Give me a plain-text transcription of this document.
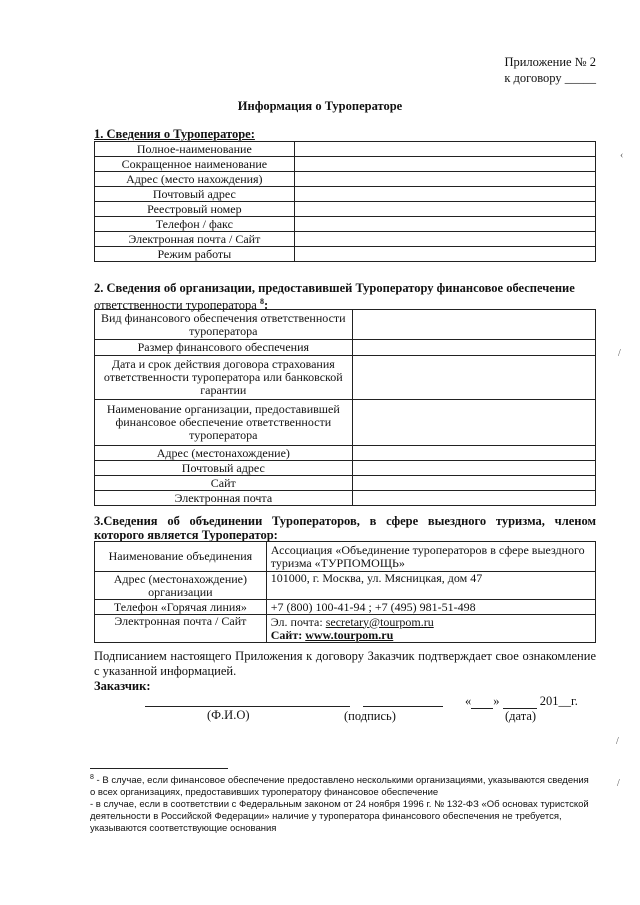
Приложение № 2
к договору _____
Информация о Туроператоре
1. Сведения о Туроператоре:
Полное-наименование	
Сокращенное наименование	
Адрес (место нахождения)	
Почтовый адрес	
Реестровый номер	
Телефон / факс	
Электронная почта / Сайт	
Режим работы	
2. Сведения об организации, предоставившей Туроператору финансовое обеспечение ответственности туроператора $^8$:
Вид финансового обеспечения ответственности туроператора	
Размер финансового обеспечения	
Дата и срок действия договора страхования ответственности туроператора или банковской гарантии	
Наименование организации, предоставившей финансовое обеспечение ответственности туроператора	
Адрес (местонахождение)	
Почтовый адрес	
Сайт	
Электронная почта	
3.Сведения об объединении Туроператоров, в сфере выездного туризма, членом которого является Туроператор:
Наименование объединения	Ассоциация «Объединение туроператоров в сфере выездного туризма «ТУРПОМОЩЬ»
Адрес (местонахождение) организации	101000, г. Москва, ул. Мясницкая, дом 47
Телефон «Горячая линия»	+7 (800) 100-41-94 ; +7 (495) 981-51-498
Электронная почта / Сайт	Эл. почта: secretary@tourpom.ru
Сайт: www.tourpom.ru
Подписанием настоящего Приложения к договору Заказчик подтверждает свое ознакомление с указанной информацией.
Заказчик:
« »	201__г.
(Ф.И.О)	(подпись)	(дата)
$^8$ - В случае, если финансовое обеспечение предоставлено несколькими организациями, указываются сведения о всех организациях, предоставивших туроператору финансовое обеспечение
- в случае, если в соответствии с Федеральным законом от 24 ноября 1996 г. № 132-ФЗ «Об основах туристской деятельности в Российской Федерации» наличие у туроператора финансового обеспечения не требуется, указываются соответствующие основания
‹
/
/
/
